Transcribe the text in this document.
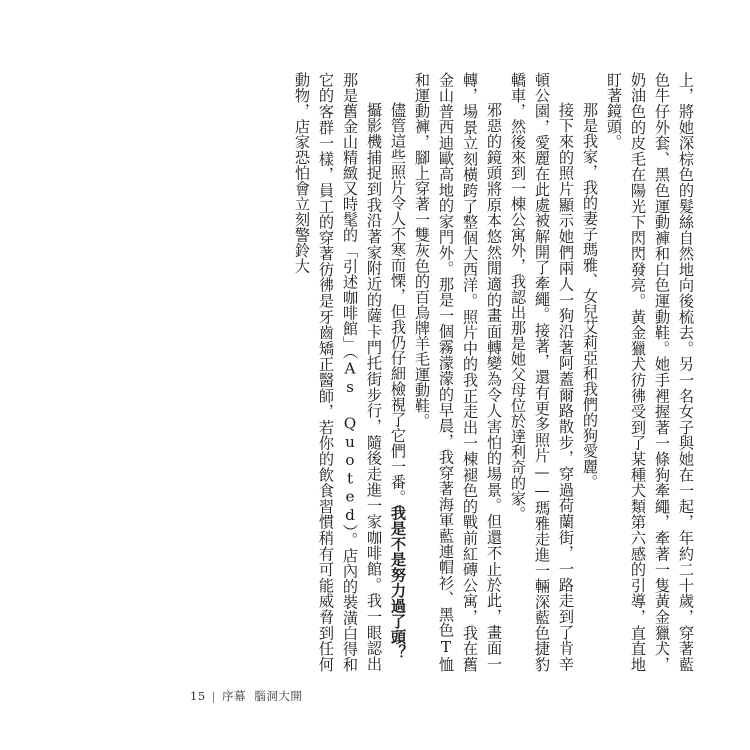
上，將她深棕色的髮絲自然地向後梳去。另一名女子與她在一起，年約二十歲，穿著藍色牛仔外套、黑色運動褲和白色運動鞋。她手裡握著一條狗牽繩，牽著一隻黃金獵犬，奶油色的皮毛在陽光下閃閃發亮。黃金獵犬彷彿受到了某種犬類第六感的引導，直直地盯著鏡頭。

那是我家，我的妻子瑪雅、女兒艾莉亞和我們的狗愛麗。

接下來的照片顯示她們兩人一狗沿著阿蓋爾路散步，穿過荷蘭街，一路走到了肯辛頓公園，愛麗在此處被解開了牽繩。接著，還有更多照片——瑪雅走進一輛深藍色捷豹轎車，然後來到一棟公寓外，我認出那是她父母位於達利奇的家。

邪惡的鏡頭將原本悠然閒適的畫面轉變為令人害怕的場景。但還不止於此，畫面一轉，場景立刻橫跨了整個大西洋。照片中的我正走出一棟褪色的戰前紅磚公寓，我在舊金山普西迪歐高地的家門外。那是一個霧濛濛的早晨，我穿著海軍藍連帽衫、黑色T恤和運動褲，腳上穿著一雙灰色的百烏牌羊毛運動鞋。

儘管這些照片令人不寒而慄，但我仍仔細檢視了它們一番。我是不是努力過了頭？

攝影機捕捉到我沿著家附近的薩卡門托街步行，隨後走進一家咖啡館。我一眼認出那是舊金山精緻又時髦的「引述咖啡館」（As Quoted）。店內的裝潢白得和它的客群一樣，員工的穿著彷彿是牙齒矯正醫師，若你的飲食習慣稍有可能威脅到任何動物，店家恐怕會立刻警鈴大

15 | 序幕 腦洞大開
